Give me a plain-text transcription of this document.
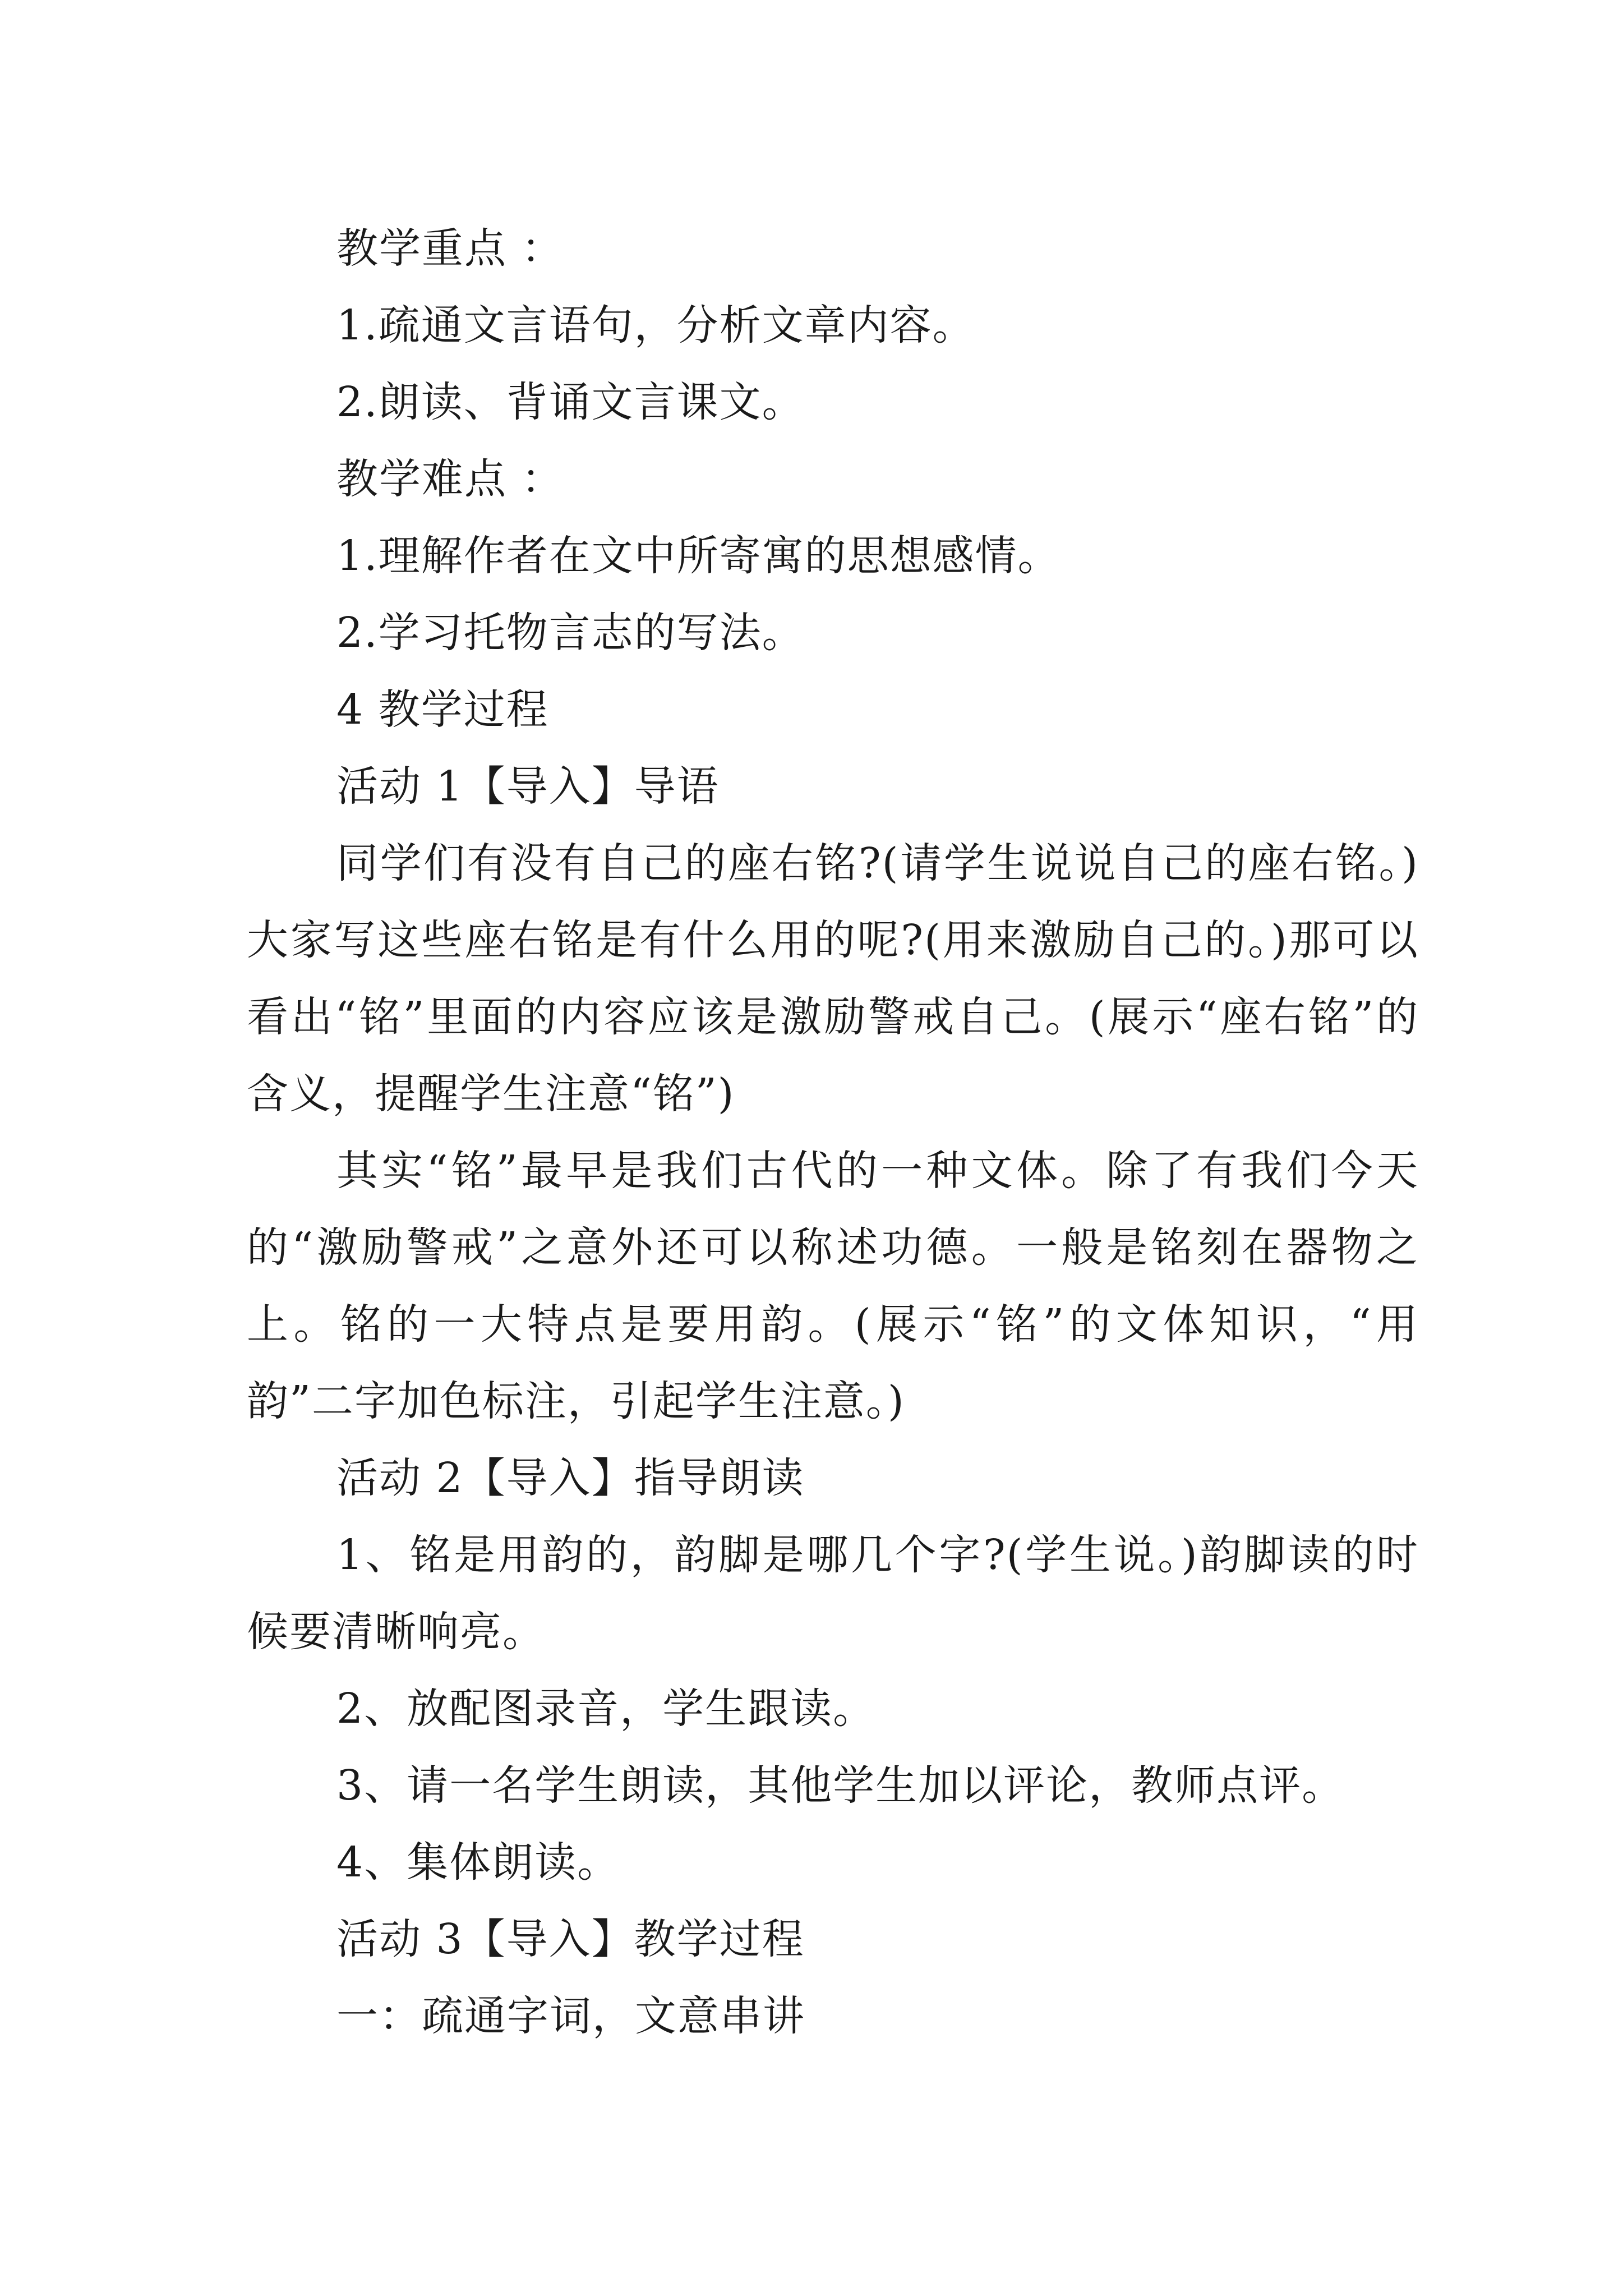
教学重点 ：

1.疏通文言语句，分析文章内容。

2.朗读、背诵文言课文。

教学难点 ：

1.理解作者在文中所寄寓的思想感情。

2.学习托物言志的写法。

4 教学过程

活动 1【导入】导语

同学们有没有自己的座右铭?(请学生说说自己的座右铭。)大家写这些座右铭是有什么用的呢?(用来激励自己的。)那可以看出“铭”里面的内容应该是激励警戒自己。(展示“座右铭”的含义，提醒学生注意“铭”)

其实“铭”最早是我们古代的一种文体。除了有我们今天的“激励警戒”之意外还可以称述功德。一般是铭刻在器物之上。铭的一大特点是要用韵。(展示“铭”的文体知识，“用韵”二字加色标注，引起学生注意。)

活动 2【导入】指导朗读

1、铭是用韵的，韵脚是哪几个字?(学生说。)韵脚读的时候要清晰响亮。

2、放配图录音，学生跟读。

3、请一名学生朗读，其他学生加以评论，教师点评。

4、集体朗读。

活动 3【导入】教学过程

一：疏通字词，文意串讲
